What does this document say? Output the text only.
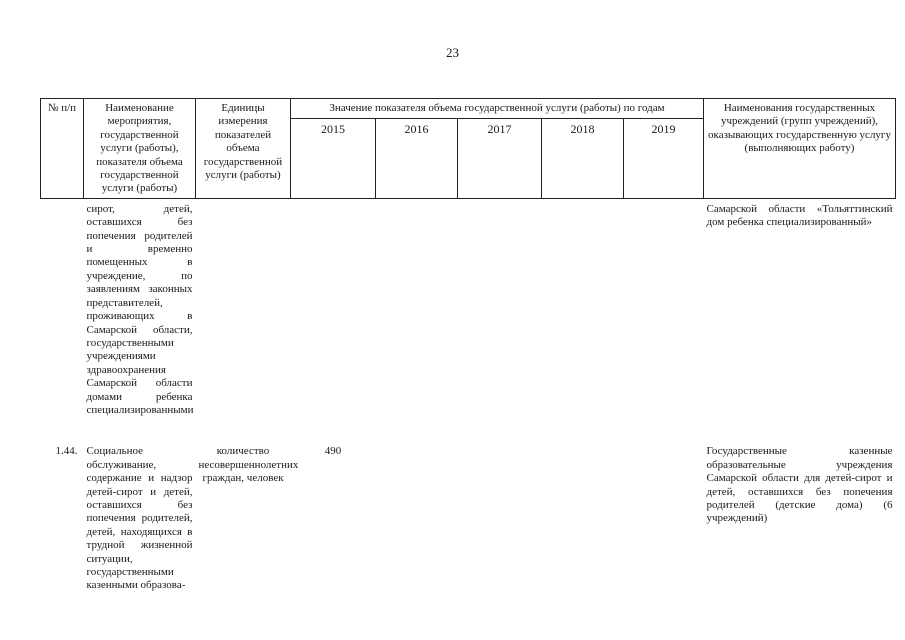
23
№ п/п	Наименование мероприятия, государственной услуги (работы), показателя объема государственной услуги (работы)	Единицы измерения показателей объема государственной услуги (работы)	Значение показателя объема государственной услуги (работы) по годам					Наименования государственных учреждений (групп учреждений), оказывающих государственную услугу (выполняющих работу)
			2015	2016	2017	2018	2019	
	сирот, детей, оставшихся без попечения родителей и временно помещенных в учреждение, по заявлениям законных представителей, проживающих в Самарской области, государственными учреждениями здравоохранения Самарской области домами ребенка специализированными							Самарской области «Тольяттинский дом ребенка специализированный»
1.44.	Социальное обслуживание, содержание и надзор детей-сирот и детей, оставшихся без попечения родителей, детей, находящихся в трудной жизненной ситуации, государственными казенными образова-	количество несовершеннолетних граждан, человек	490					Государственные казенные образовательные учреждения Самарской области для детей-сирот и детей, оставшихся без попечения родителей (детские дома) (6 учреждений)
